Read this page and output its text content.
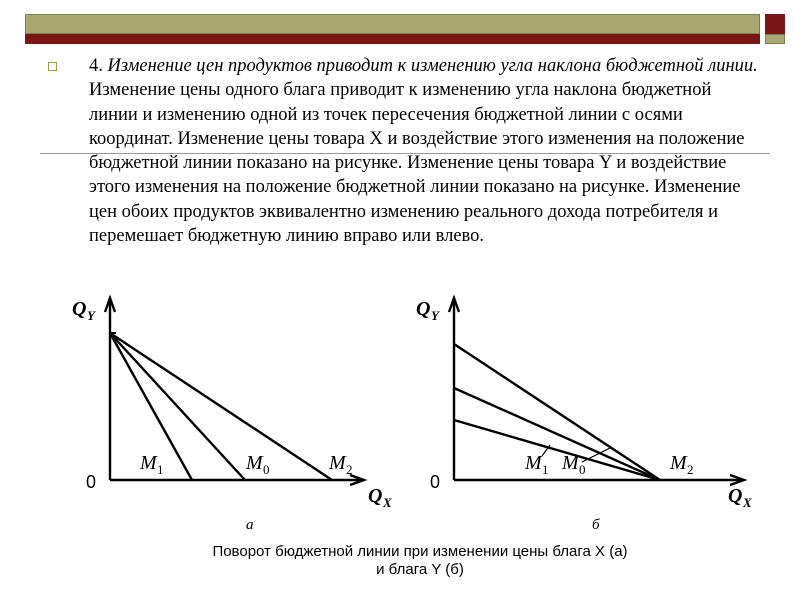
4. Изменение цен продуктов приводит к изменению угла наклона бюджетной линии. Изменение цены одного блага приводит к изменению угла наклона бюджетной линии и изменению одной из точек пересечения бюджетной линии с осями координат. Изменение цены товара X и воздействие этого изменения на положение бюджетной линии показано на рисунке. Изменение цены товара Y и воздействие этого изменения на положение бюджетной линии показано на рисунке. Изменение цен обоих продуктов эквивалентно изменению реального дохода потребителя и перемешает бюджетную линию вправо или влево.

Q Y
Q X
0
M 1	M 0	M 2
а
Q Y
Q X
0
M 1 M 0	M 2
б
Поворот бюджетной линии при изменении цены блага X (а)
и блага Y (б)
